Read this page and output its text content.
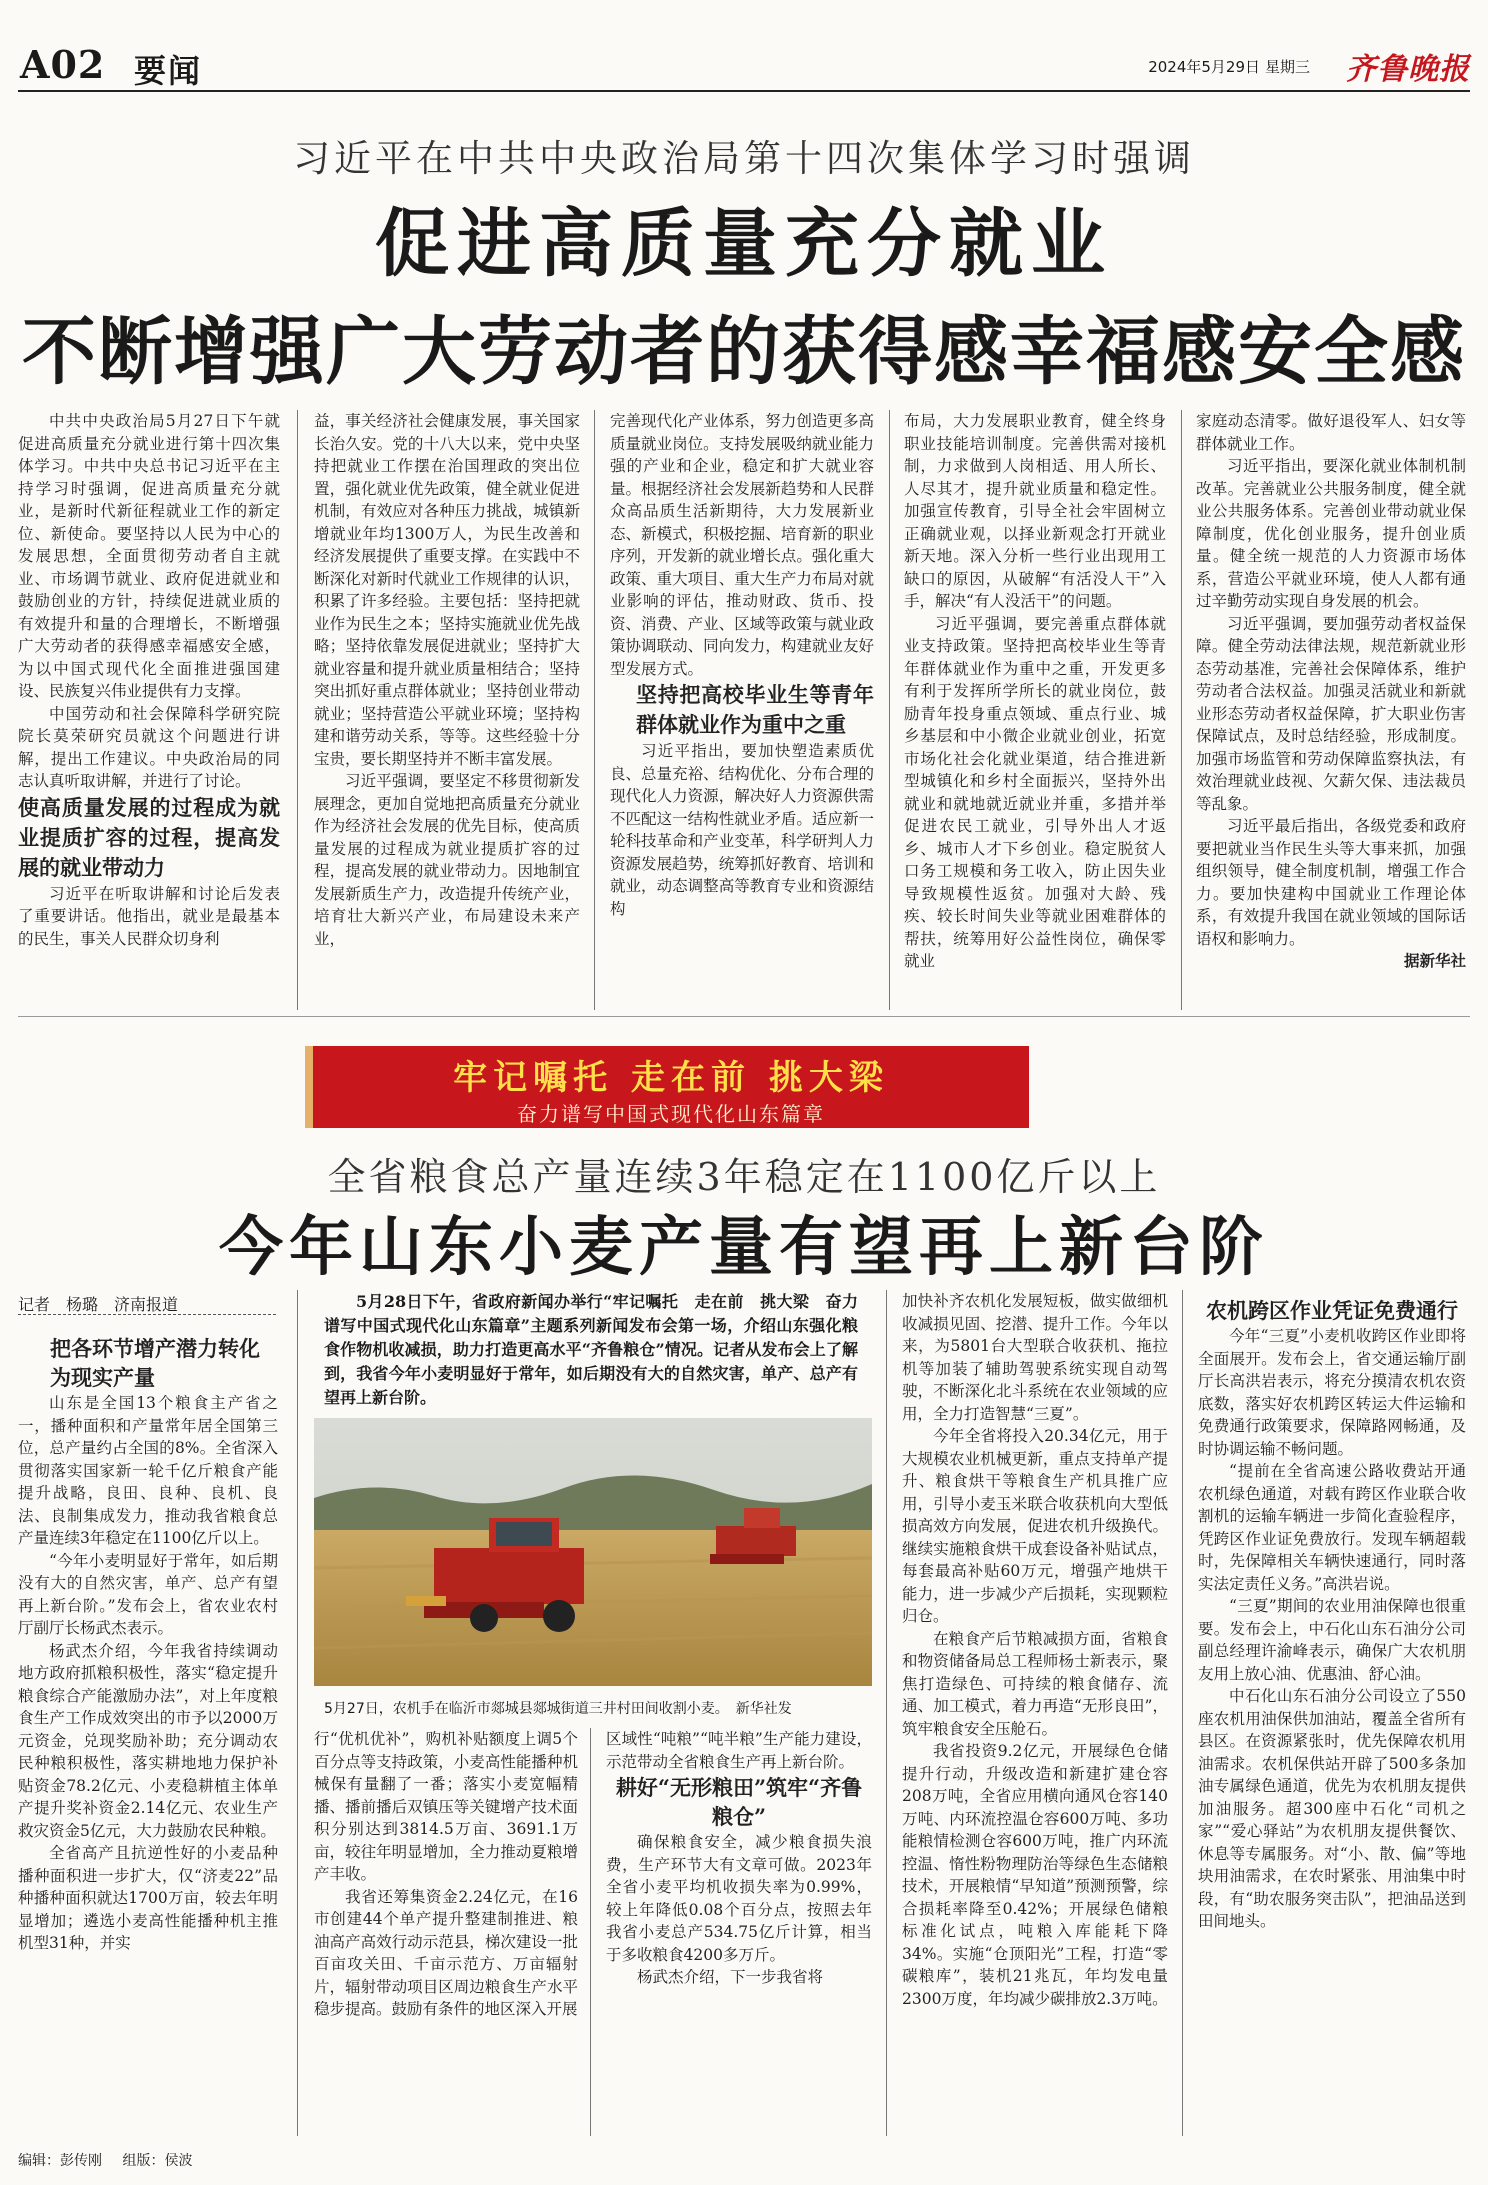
A02 要闻	2024年5月29日 星期三 齐鲁晚报
习近平在中共中央政治局第十四次集体学习时强调
促进高质量充分就业
不断增强广大劳动者的获得感幸福感安全感

中共中央政治局5月27日下午就促进高质量充分就业进行第十四次集体学习。中共中央总书记习近平在主持学习时强调，促进高质量充分就业，是新时代新征程就业工作的新定位、新使命。要坚持以人民为中心的发展思想，全面贯彻劳动者自主就业、市场调节就业、政府促进就业和鼓励创业的方针，持续促进就业质的有效提升和量的合理增长，不断增强广大劳动者的获得感幸福感安全感，为以中国式现代化全面推进强国建设、民族复兴伟业提供有力支撑。

中国劳动和社会保障科学研究院院长莫荣研究员就这个问题进行讲解，提出工作建议。中央政治局的同志认真听取讲解，并进行了讨论。

使高质量发展的过程成为就业提质扩容的过程，提高发展的就业带动力

习近平在听取讲解和讨论后发表了重要讲话。他指出，就业是最基本的民生，事关人民群众切身利

益，事关经济社会健康发展，事关国家长治久安。党的十八大以来，党中央坚持把就业工作摆在治国理政的突出位置，强化就业优先政策，健全就业促进机制，有效应对各种压力挑战，城镇新增就业年均1300万人，为民生改善和经济发展提供了重要支撑。在实践中不断深化对新时代就业工作规律的认识，积累了许多经验。主要包括：坚持把就业作为民生之本；坚持实施就业优先战略；坚持依靠发展促进就业；坚持扩大就业容量和提升就业质量相结合；坚持突出抓好重点群体就业；坚持创业带动就业；坚持营造公平就业环境；坚持构建和谐劳动关系，等等。这些经验十分宝贵，要长期坚持并不断丰富发展。

习近平强调，要坚定不移贯彻新发展理念，更加自觉地把高质量充分就业作为经济社会发展的优先目标，使高质量发展的过程成为就业提质扩容的过程，提高发展的就业带动力。因地制宜发展新质生产力，改造提升传统产业，培育壮大新兴产业，布局建设未来产业，

完善现代化产业体系，努力创造更多高质量就业岗位。支持发展吸纳就业能力强的产业和企业，稳定和扩大就业容量。根据经济社会发展新趋势和人民群众高品质生活新期待，大力发展新业态、新模式，积极挖掘、培育新的职业序列，开发新的就业增长点。强化重大政策、重大项目、重大生产力布局对就业影响的评估，推动财政、货币、投资、消费、产业、区域等政策与就业政策协调联动、同向发力，构建就业友好型发展方式。

坚持把高校毕业生等青年群体就业作为重中之重

习近平指出，要加快塑造素质优良、总量充裕、结构优化、分布合理的现代化人力资源，解决好人力资源供需不匹配这一结构性就业矛盾。适应新一轮科技革命和产业变革，科学研判人力资源发展趋势，统筹抓好教育、培训和就业，动态调整高等教育专业和资源结构

布局，大力发展职业教育，健全终身职业技能培训制度。完善供需对接机制，力求做到人岗相适、用人所长、人尽其才，提升就业质量和稳定性。加强宣传教育，引导全社会牢固树立正确就业观，以择业新观念打开就业新天地。深入分析一些行业出现用工缺口的原因，从破解“有活没人干”入手，解决“有人没活干”的问题。

习近平强调，要完善重点群体就业支持政策。坚持把高校毕业生等青年群体就业作为重中之重，开发更多有利于发挥所学所长的就业岗位，鼓励青年投身重点领域、重点行业、城乡基层和中小微企业就业创业，拓宽市场化社会化就业渠道，结合推进新型城镇化和乡村全面振兴，坚持外出就业和就地就近就业并重，多措并举促进农民工就业，引导外出人才返乡、城市人才下乡创业。稳定脱贫人口务工规模和务工收入，防止因失业导致规模性返贫。加强对大龄、残疾、较长时间失业等就业困难群体的帮扶，统筹用好公益性岗位，确保零就业

家庭动态清零。做好退役军人、妇女等群体就业工作。

习近平指出，要深化就业体制机制改革。完善就业公共服务制度，健全就业公共服务体系。完善创业带动就业保障制度，优化创业服务，提升创业质量。健全统一规范的人力资源市场体系，营造公平就业环境，使人人都有通过辛勤劳动实现自身发展的机会。

习近平强调，要加强劳动者权益保障。健全劳动法律法规，规范新就业形态劳动基准，完善社会保障体系，维护劳动者合法权益。加强灵活就业和新就业形态劳动者权益保障，扩大职业伤害保障试点，及时总结经验，形成制度。加强市场监管和劳动保障监察执法，有效治理就业歧视、欠薪欠保、违法裁员等乱象。

习近平最后指出，各级党委和政府要把就业当作民生头等大事来抓，加强组织领导，健全制度机制，增强工作合力。要加快建构中国就业工作理论体系，有效提升我国在就业领域的国际话语权和影响力。

据新华社

牢记嘱托 走在前 挑大梁
奋力谱写中国式现代化山东篇章
全省粮食总产量连续3年稳定在1100亿斤以上
今年山东小麦产量有望再上新台阶
记者　杨璐　济南报道	5月28日下午，省政府新闻办举行“牢记嘱托　走在前　挑大梁　奋力谱写中国式现代化山东篇章”主题系列新闻发布会第一场，介绍山东强化粮食作物机收减损，助力打造更高水平“齐鲁粮仓”情况。记者从发布会上了解到，我省今年小麦明显好于常年，如后期没有大的自然灾害，单产、总产有望再上新台阶。

5月27日，农机手在临沂市郯城县郯城街道三井村田间收割小麦。　新华社发

把各环节增产潜力转化为现实产量

山东是全国13个粮食主产省之一，播种面积和产量常年居全国第三位，总产量约占全国的8%。全省深入贯彻落实国家新一轮千亿斤粮食产能提升战略，良田、良种、良机、良法、良制集成发力，推动我省粮食总产量连续3年稳定在1100亿斤以上。

“今年小麦明显好于常年，如后期没有大的自然灾害，单产、总产有望再上新台阶。”发布会上，省农业农村厅副厅长杨武杰表示。

杨武杰介绍，今年我省持续调动地方政府抓粮积极性，落实“稳定提升粮食综合产能激励办法”，对上年度粮食生产工作成效突出的市予以2000万元资金，兑现奖励补助；充分调动农民种粮积极性，落实耕地地力保护补贴资金78.2亿元、小麦稳耕植主体单产提升奖补资金2.14亿元、农业生产救灾资金5亿元，大力鼓励农民种粮。

全省高产且抗逆性好的小麦品种播种面积进一步扩大，仅“济麦22”品种播种面积就达1700万亩，较去年明显增加；遴选小麦高性能播种机主推机型31种，并实

行“优机优补”，购机补贴额度上调5个百分点等支持政策，小麦高性能播种机械保有量翻了一番；落实小麦宽幅精播、播前播后双镇压等关键增产技术面积分别达到3814.5万亩、3691.1万亩，较往年明显增加，全力推动夏粮增产丰收。

我省还筹集资金2.24亿元，在16市创建44个单产提升整建制推进、粮油高产高效行动示范县，梯次建设一批百亩攻关田、千亩示范方、万亩辐射片，辐射带动项目区周边粮食生产水平稳步提高。鼓励有条件的地区深入开展

区域性“吨粮”“吨半粮”生产能力建设，示范带动全省粮食生产再上新台阶。

耕好“无形粮田”筑牢“齐鲁粮仓”

确保粮食安全，减少粮食损失浪费，生产环节大有文章可做。2023年全省小麦平均机收损失率为0.99%，较上年降低0.08个百分点，按照去年我省小麦总产534.75亿斤计算，相当于多收粮食4200多万斤。

杨武杰介绍，下一步我省将

加快补齐农机化发展短板，做实做细机收减损见固、挖潜、提升工作。今年以来，为5801台大型联合收获机、拖拉机等加装了辅助驾驶系统实现自动驾驶，不断深化北斗系统在农业领域的应用，全力打造智慧“三夏”。

今年全省将投入20.34亿元，用于大规模农业机械更新，重点支持单产提升、粮食烘干等粮食生产机具推广应用，引导小麦玉米联合收获机向大型低损高效方向发展，促进农机升级换代。继续实施粮食烘干成套设备补贴试点，每套最高补贴60万元，增强产地烘干能力，进一步减少产后损耗，实现颗粒归仓。

在粮食产后节粮减损方面，省粮食和物资储备局总工程师杨士新表示，聚焦打造绿色、可持续的粮食储存、流通、加工模式，着力再造“无形良田”，筑牢粮食安全压舱石。

我省投资9.2亿元，开展绿色仓储提升行动，升级改造和新建扩建仓容208万吨，全省应用横向通风仓容140万吨、内环流控温仓容600万吨、多功能粮情检测仓容600万吨，推广内环流控温、惰性粉物理防治等绿色生态储粮技术，开展粮情“早知道”预测预警，综合损耗率降至0.42%；开展绿色储粮标准化试点，吨粮入库能耗下降34%。实施“仓顶阳光”工程，打造“零碳粮库”，装机21兆瓦，年均发电量2300万度，年均减少碳排放2.3万吨。

农机跨区作业凭证免费通行

今年“三夏”小麦机收跨区作业即将全面展开。发布会上，省交通运输厅副厅长高洪岩表示，将充分摸清农机农资底数，落实好农机跨区转运大件运输和免费通行政策要求，保障路网畅通，及时协调运输不畅问题。

“提前在全省高速公路收费站开通农机绿色通道，对载有跨区作业联合收割机的运输车辆进一步简化查验程序，凭跨区作业证免费放行。发现车辆超载时，先保障相关车辆快速通行，同时落实法定责任义务。”高洪岩说。

“三夏”期间的农业用油保障也很重要。发布会上，中石化山东石油分公司副总经理许渝峰表示，确保广大农机朋友用上放心油、优惠油、舒心油。

中石化山东石油分公司设立了550座农机用油保供加油站，覆盖全省所有县区。在资源紧张时，优先保障农机用油需求。农机保供站开辟了500多条加油专属绿色通道，优先为农机朋友提供加油服务。超300座中石化“司机之家”“爱心驿站”为农机朋友提供餐饮、休息等专属服务。对“小、散、偏”等地块用油需求，在农时紧张、用油集中时段，有“助农服务突击队”，把油品送到田间地头。

编辑：彭传刚 组版：侯波
